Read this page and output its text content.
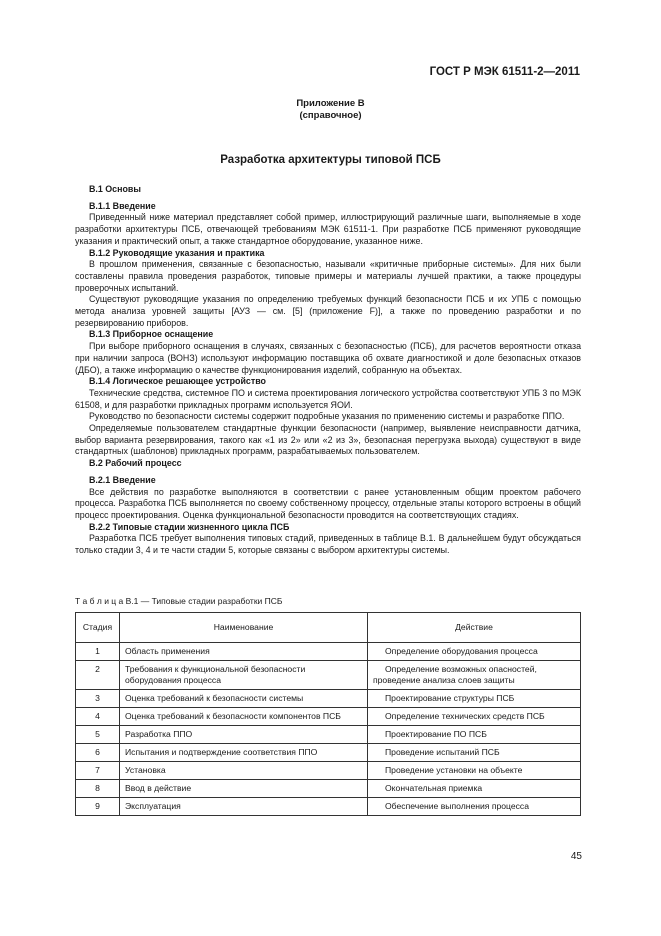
ГОСТ Р МЭК 61511-2—2011
Приложение В
(справочное)
Разработка архитектуры типовой ПСБ
В.1 Основы
В.1.1 Введение

Приведенный ниже материал представляет собой пример, иллюстрирующий различные шаги, выполняемые в ходе разработки архитектуры ПСБ, отвечающей требованиям МЭК 61511-1. При разработке ПСБ применяют руководящие указания и практический опыт, а также стандартное оборудование, указанное ниже.

В.1.2 Руководящие указания и практика

В прошлом применения, связанные с безопасностью, называли «критичные приборные системы». Для них были составлены правила проведения разработок, типовые примеры и материалы лучшей практики, а также процедуры проверочных испытаний.

Существуют руководящие указания по определению требуемых функций безопасности ПСБ и их УПБ с помощью метода анализа уровней защиты [АУЗ — см. [5] (приложение F)], а также по проведению разработки и по резервированию приборов.

В.1.3 Приборное оснащение

При выборе приборного оснащения в случаях, связанных с безопасностью (ПСБ), для расчетов вероятности отказа при наличии запроса (ВОНЗ) используют информацию поставщика об охвате диагностикой и доле безопасных отказов (ДБО), а также информацию о качестве функционирования изделий, собранную на объектах.

В.1.4 Логическое решающее устройство

Технические средства, системное ПО и система проектирования логического устройства соответствуют УПБ 3 по МЭК 61508, и для разработки прикладных программ используется ЯОИ.

Руководство по безопасности системы содержит подробные указания по применению системы и разработке ППО.

Определяемые пользователем стандартные функции безопасности (например, выявление неисправности датчика, выбор варианта резервирования, такого как «1 из 2» или «2 из 3», безопасная перегрузка выхода) существуют в виде стандартных (шаблонов) прикладных программ, разрабатываемых пользователем.

В.2 Рабочий процесс
В.2.1 Введение

Все действия по разработке выполняются в соответствии с ранее установленным общим проектом рабочего процесса. Разработка ПСБ выполняется по своему собственному процессу, отдельные этапы которого встроены в общий процесс проектирования. Оценка функциональной безопасности проводится на соответствующих стадиях.

В.2.2 Типовые стадии жизненного цикла ПСБ

Разработка ПСБ требует выполнения типовых стадий, приведенных в таблице В.1. В дальнейшем будут обсуждаться только стадии 3, 4 и те части стадии 5, которые связаны с выбором архитектуры системы.

Т а б л и ц а В.1 — Типовые стадии разработки ПСБ
Стадия	Наименование	Действие
1	Область применения	Определение оборудования процесса
2	Требования к функциональной безопасности оборудования процесса	Определение возможных опасностей, проведение анализа слоев защиты
3	Оценка требований к безопасности системы	Проектирование структуры ПСБ
4	Оценка требований к безопасности компонентов ПСБ	Определение технических средств ПСБ
5	Разработка ППО	Проектирование ПО ПСБ
6	Испытания и подтверждение соответствия ППО	Проведение испытаний ПСБ
7	Установка	Проведение установки на объекте
8	Ввод в действие	Окончательная приемка
9	Эксплуатация	Обеспечение выполнения процесса
45
